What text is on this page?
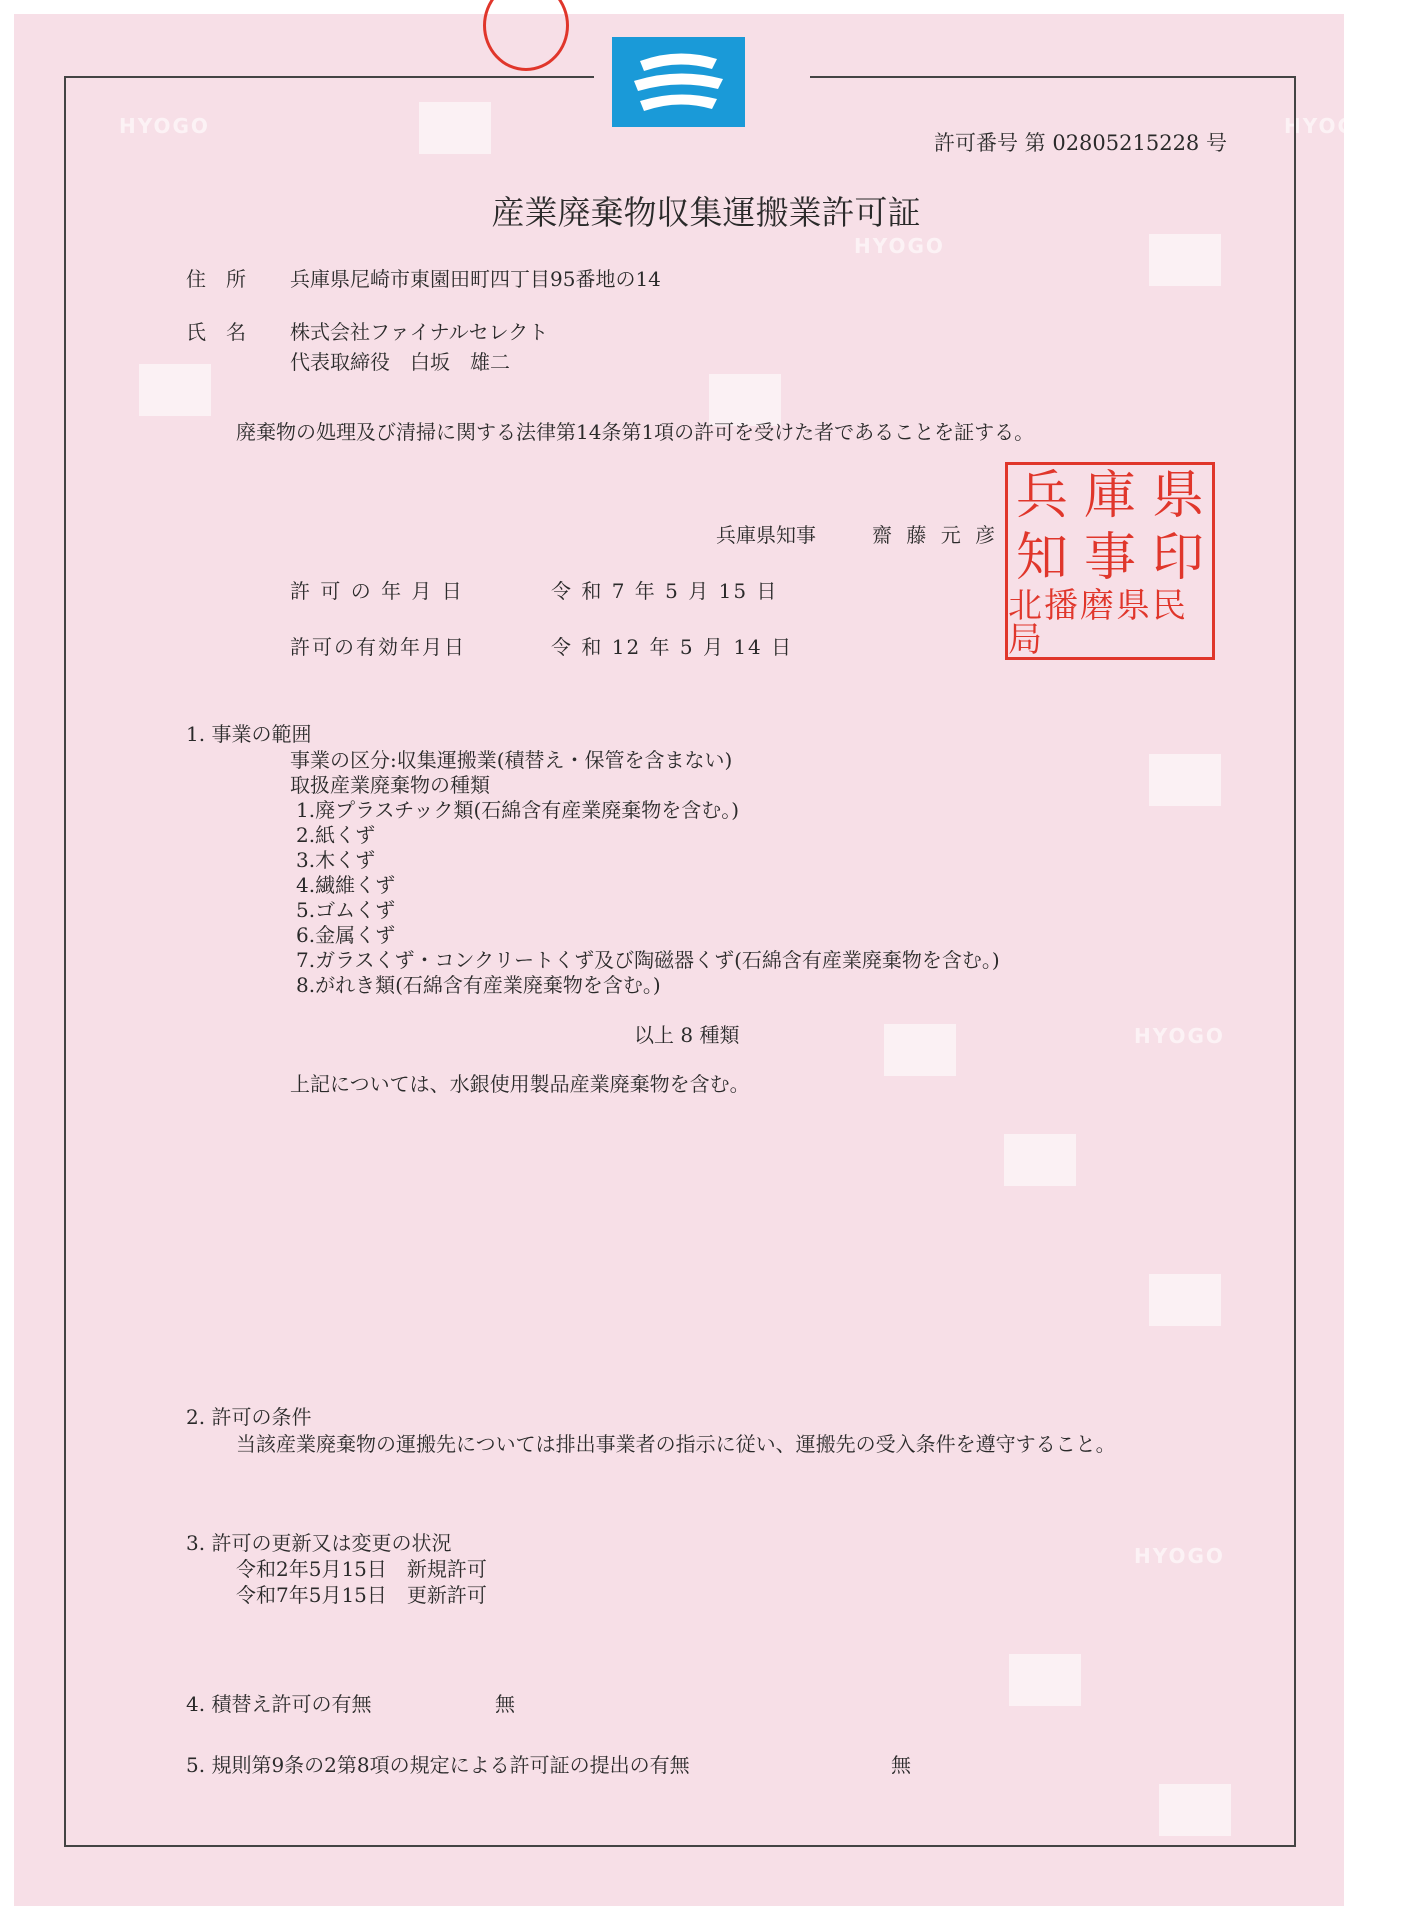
HYOGO	HYOGO
HYOGO
HYOGO
HYOGO
許可番号 第 02805215228 号
産業廃棄物収集運搬業許可証
住　所 兵庫県尼崎市東園田町四丁目95番地の14
氏　名 株式会社ファイナルセレクト
代表取締役　白坂　雄二
廃棄物の処理及び清掃に関する法律第14条第1項の許可を受けた者であることを証する。
兵庫県知事	齋 藤 元 彦
兵 庫 県
知 事 印
北播磨県民局
許 可 の 年 月 日	令 和 7 年 5 月 15 日
許可の有効年月日	令 和 12 年 5 月 14 日
1. 事業の範囲
事業の区分:収集運搬業(積替え・保管を含まない)
取扱産業廃棄物の種類
1.廃プラスチック類(石綿含有産業廃棄物を含む。)
2.紙くず
3.木くず
4.繊維くず
5.ゴムくず
6.金属くず
7.ガラスくず・コンクリートくず及び陶磁器くず(石綿含有産業廃棄物を含む。)
8.がれき類(石綿含有産業廃棄物を含む。)
以上 8 種類
上記については、水銀使用製品産業廃棄物を含む。
2. 許可の条件
当該産業廃棄物の運搬先については排出事業者の指示に従い、運搬先の受入条件を遵守すること。
3. 許可の更新又は変更の状況
令和2年5月15日　新規許可
令和7年5月15日　更新許可
4. 積替え許可の有無	無
5. 規則第9条の2第8項の規定による許可証の提出の有無	無
